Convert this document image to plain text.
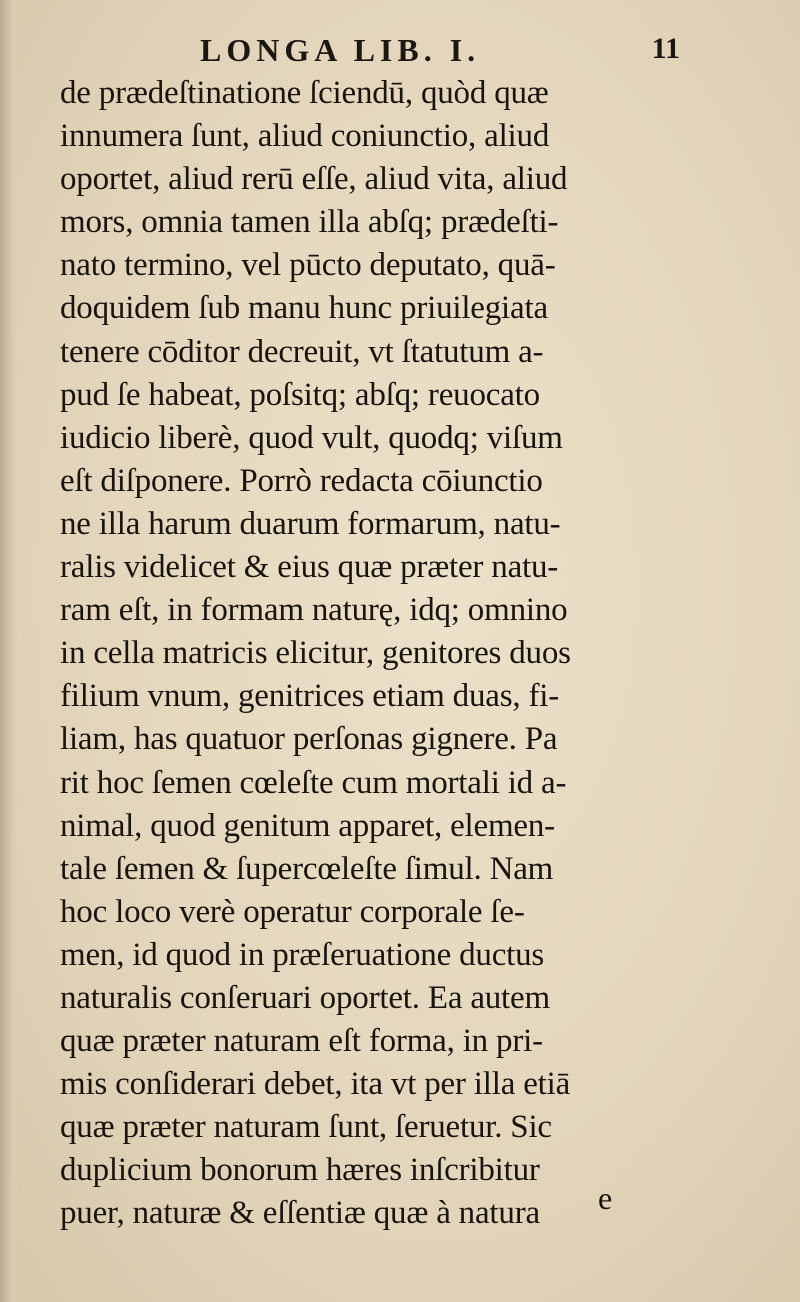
LONGA LIB. I.	11
de prædeſtinatione ſciendū, quòd quæ
innumera ſunt, aliud coniunctio, aliud
oportet, aliud rerū eſſe, aliud vita, aliud
mors, omnia tamen illa abſq; prædeſti-
nato termino, vel pūcto deputato, quā-
doquidem ſub manu hunc priuilegiata
tenere cōditor decreuit, vt ſtatutum a-
pud ſe habeat, poſsitq; abſq; reuocato
iudicio liberè, quod vult, quodq; viſum
eſt diſponere. Porrò redacta cōiunctio
ne illa harum duarum formarum, natu-
ralis videlicet & eius quæ præter natu-
ram eſt, in formam naturę, idq; omnino
in cella matricis elicitur, genitores duos
filium vnum, genitrices etiam duas, fi-
liam, has quatuor perſonas gignere. Pa
rit hoc ſemen cœleſte cum mortali id a-
nimal, quod genitum apparet, elemen-
tale ſemen & ſupercœleſte ſimul. Nam
hoc loco verè operatur corporale ſe-
men, id quod in præſeruatione ductus
naturalis conſeruari oportet. Ea autem
quæ præter naturam eſt forma, in pri-
mis conſiderari debet, ita vt per illa etiā
quæ præter naturam ſunt, ſeruetur. Sic
duplicium bonorum hæres inſcribitur
puer, naturæ & eſſentiæ quæ à natura	e
